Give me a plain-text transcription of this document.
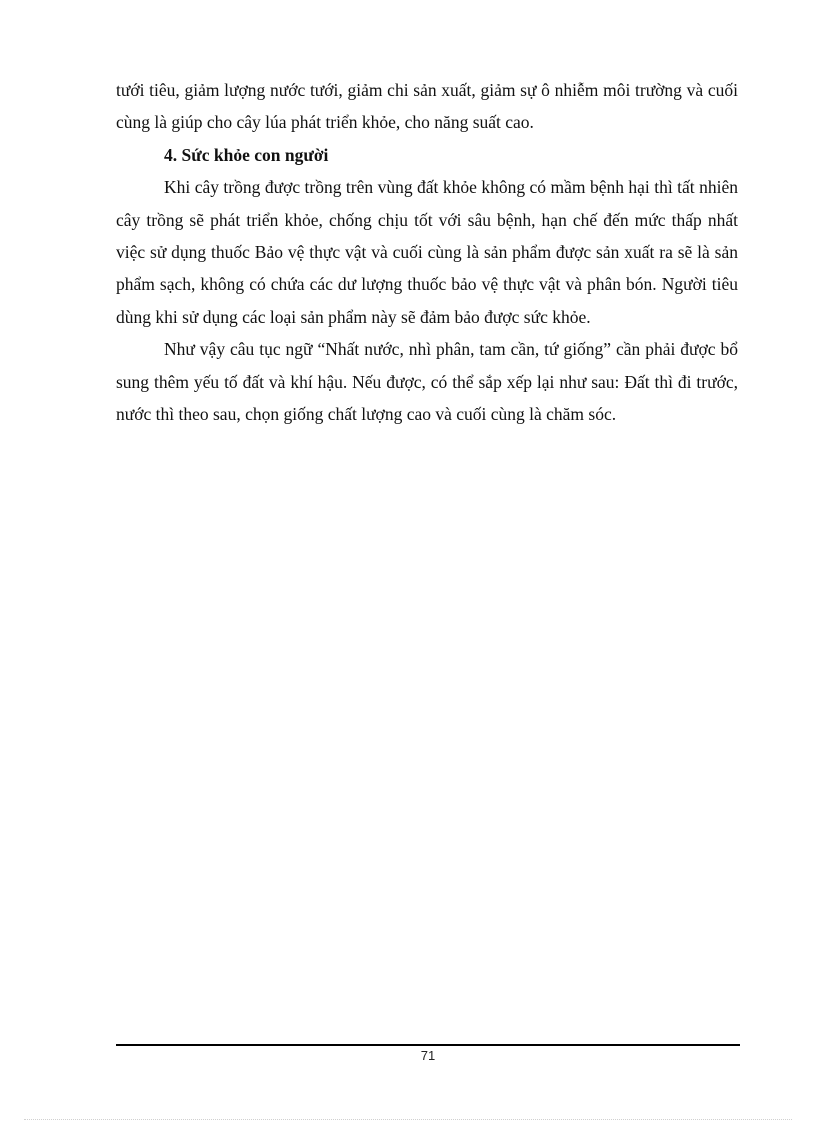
tưới tiêu, giảm lượng nước tưới, giảm chi sản xuất, giảm sự ô nhiễm môi trường và cuối cùng là giúp cho cây lúa phát triển khỏe, cho năng suất cao.

4. Sức khỏe con người

Khi cây trồng được trồng trên vùng đất khỏe không có mầm bệnh hại thì tất nhiên cây trồng sẽ phát triển khỏe, chống chịu tốt với sâu bệnh, hạn chế đến mức thấp nhất việc sử dụng thuốc Bảo vệ thực vật và cuối cùng là sản phẩm được sản xuất ra sẽ là sản phẩm sạch, không có chứa các dư lượng thuốc bảo vệ thực vật và phân bón. Người tiêu dùng khi sử dụng các loại sản phẩm này sẽ đảm bảo được sức khỏe.

Như vậy câu tục ngữ “Nhất nước, nhì phân, tam cần, tứ giống” cần phải được bổ sung thêm yếu tố đất và khí hậu. Nếu được, có thể sắp xếp lại như sau: Đất thì đi trước, nước thì theo sau, chọn giống chất lượng cao và cuối cùng là chăm sóc.

71
